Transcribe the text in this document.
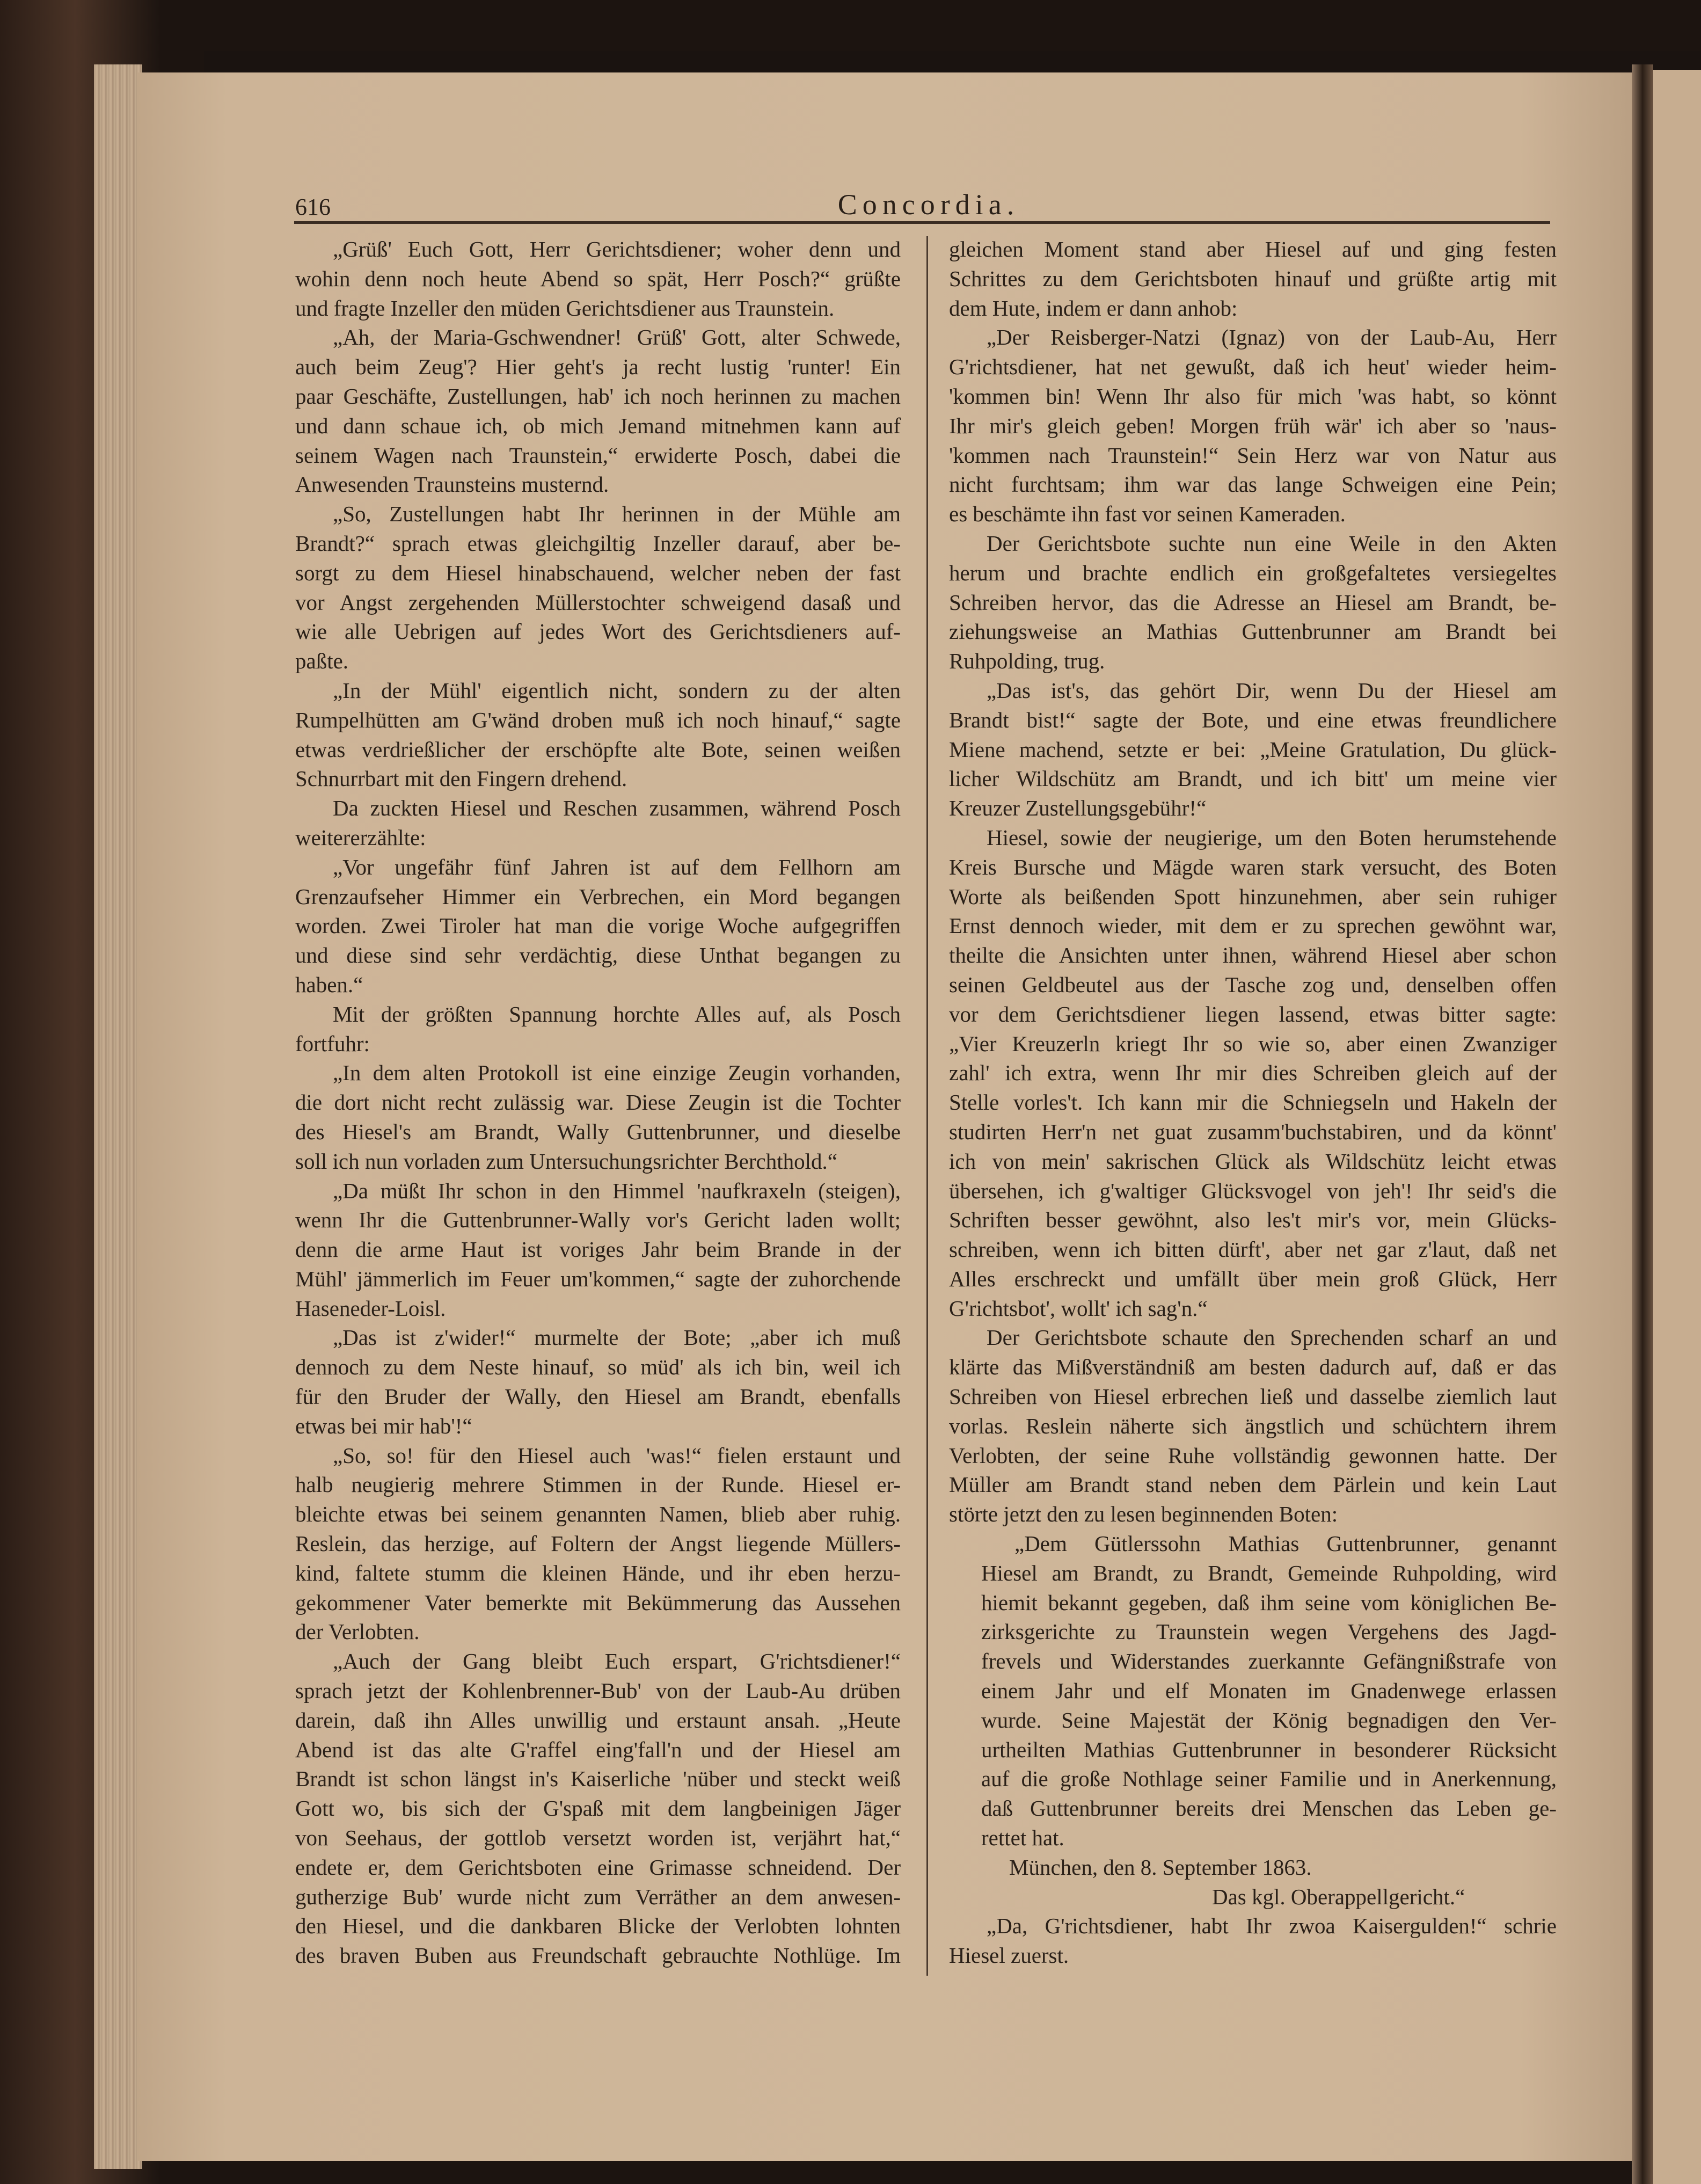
616	Concordia.
„Grüß' Euch Gott, Herr Gerichtsdiener; woher denn und
wohin denn noch heute Abend so spät, Herr Posch?“ grüßte
und fragte Inzeller den müden Gerichtsdiener aus Traunstein.
„Ah, der Maria-Gschwendner! Grüß' Gott, alter Schwede,
auch beim Zeug'? Hier geht's ja recht lustig 'runter! Ein
paar Geschäfte, Zustellungen, hab' ich noch herinnen zu machen
und dann schaue ich, ob mich Jemand mitnehmen kann auf
seinem Wagen nach Traunstein,“ erwiderte Posch, dabei die
Anwesenden Traunsteins musternd.
„So, Zustellungen habt Ihr herinnen in der Mühle am
Brandt?“ sprach etwas gleichgiltig Inzeller darauf, aber be-
sorgt zu dem Hiesel hinabschauend, welcher neben der fast
vor Angst zergehenden Müllerstochter schweigend dasaß und
wie alle Uebrigen auf jedes Wort des Gerichtsdieners auf-
paßte.
„In der Mühl' eigentlich nicht, sondern zu der alten
Rumpelhütten am G'wänd droben muß ich noch hinauf,“ sagte
etwas verdrießlicher der erschöpfte alte Bote, seinen weißen
Schnurrbart mit den Fingern drehend.
Da zuckten Hiesel und Reschen zusammen, während Posch
weitererzählte:
„Vor ungefähr fünf Jahren ist auf dem Fellhorn am
Grenzaufseher Himmer ein Verbrechen, ein Mord begangen
worden. Zwei Tiroler hat man die vorige Woche aufgegriffen
und diese sind sehr verdächtig, diese Unthat begangen zu
haben.“
Mit der größten Spannung horchte Alles auf, als Posch
fortfuhr:
„In dem alten Protokoll ist eine einzige Zeugin vorhanden,
die dort nicht recht zulässig war. Diese Zeugin ist die Tochter
des Hiesel's am Brandt, Wally Guttenbrunner, und dieselbe
soll ich nun vorladen zum Untersuchungsrichter Berchthold.“
„Da müßt Ihr schon in den Himmel 'naufkraxeln (steigen),
wenn Ihr die Guttenbrunner-Wally vor's Gericht laden wollt;
denn die arme Haut ist voriges Jahr beim Brande in der
Mühl' jämmerlich im Feuer um'kommen,“ sagte der zuhorchende
Haseneder-Loisl.
„Das ist z'wider!“ murmelte der Bote; „aber ich muß
dennoch zu dem Neste hinauf, so müd' als ich bin, weil ich
für den Bruder der Wally, den Hiesel am Brandt, ebenfalls
etwas bei mir hab'!“
„So, so! für den Hiesel auch 'was!“ fielen erstaunt und
halb neugierig mehrere Stimmen in der Runde. Hiesel er-
bleichte etwas bei seinem genannten Namen, blieb aber ruhig.
Reslein, das herzige, auf Foltern der Angst liegende Müllers-
kind, faltete stumm die kleinen Hände, und ihr eben herzu-
gekommener Vater bemerkte mit Bekümmerung das Aussehen
der Verlobten.
„Auch der Gang bleibt Euch erspart, G'richtsdiener!“
sprach jetzt der Kohlenbrenner-Bub' von der Laub-Au drüben
darein, daß ihn Alles unwillig und erstaunt ansah. „Heute
Abend ist das alte G'raffel eing'fall'n und der Hiesel am
Brandt ist schon längst in's Kaiserliche 'nüber und steckt weiß
Gott wo, bis sich der G'spaß mit dem langbeinigen Jäger
von Seehaus, der gottlob versetzt worden ist, verjährt hat,“
endete er, dem Gerichtsboten eine Grimasse schneidend. Der
gutherzige Bub' wurde nicht zum Verräther an dem anwesen-
den Hiesel, und die dankbaren Blicke der Verlobten lohnten
des braven Buben aus Freundschaft gebrauchte Nothlüge. Im
gleichen Moment stand aber Hiesel auf und ging festen
Schrittes zu dem Gerichtsboten hinauf und grüßte artig mit
dem Hute, indem er dann anhob:
„Der Reisberger-Natzi (Ignaz) von der Laub-Au, Herr
G'richtsdiener, hat net gewußt, daß ich heut' wieder heim-
'kommen bin! Wenn Ihr also für mich 'was habt, so könnt
Ihr mir's gleich geben! Morgen früh wär' ich aber so 'naus-
'kommen nach Traunstein!“ Sein Herz war von Natur aus
nicht furchtsam; ihm war das lange Schweigen eine Pein;
es beschämte ihn fast vor seinen Kameraden.
Der Gerichtsbote suchte nun eine Weile in den Akten
herum und brachte endlich ein großgefaltetes versiegeltes
Schreiben hervor, das die Adresse an Hiesel am Brandt, be-
ziehungsweise an Mathias Guttenbrunner am Brandt bei
Ruhpolding, trug.
„Das ist's, das gehört Dir, wenn Du der Hiesel am
Brandt bist!“ sagte der Bote, und eine etwas freundlichere
Miene machend, setzte er bei: „Meine Gratulation, Du glück-
licher Wildschütz am Brandt, und ich bitt' um meine vier
Kreuzer Zustellungsgebühr!“
Hiesel, sowie der neugierige, um den Boten herumstehende
Kreis Bursche und Mägde waren stark versucht, des Boten
Worte als beißenden Spott hinzunehmen, aber sein ruhiger
Ernst dennoch wieder, mit dem er zu sprechen gewöhnt war,
theilte die Ansichten unter ihnen, während Hiesel aber schon
seinen Geldbeutel aus der Tasche zog und, denselben offen
vor dem Gerichtsdiener liegen lassend, etwas bitter sagte:
„Vier Kreuzerln kriegt Ihr so wie so, aber einen Zwanziger
zahl' ich extra, wenn Ihr mir dies Schreiben gleich auf der
Stelle vorles't. Ich kann mir die Schniegseln und Hakeln der
studirten Herr'n net guat zusamm'buchstabiren, und da könnt'
ich von mein' sakrischen Glück als Wildschütz leicht etwas
übersehen, ich g'waltiger Glücksvogel von jeh'! Ihr seid's die
Schriften besser gewöhnt, also les't mir's vor, mein Glücks-
schreiben, wenn ich bitten dürft', aber net gar z'laut, daß net
Alles erschreckt und umfällt über mein groß Glück, Herr
G'richtsbot', wollt' ich sag'n.“
Der Gerichtsbote schaute den Sprechenden scharf an und
klärte das Mißverständniß am besten dadurch auf, daß er das
Schreiben von Hiesel erbrechen ließ und dasselbe ziemlich laut
vorlas. Reslein näherte sich ängstlich und schüchtern ihrem
Verlobten, der seine Ruhe vollständig gewonnen hatte. Der
Müller am Brandt stand neben dem Pärlein und kein Laut
störte jetzt den zu lesen beginnenden Boten:
„Dem Gütlerssohn Mathias Guttenbrunner, genannt
Hiesel am Brandt, zu Brandt, Gemeinde Ruhpolding, wird
hiemit bekannt gegeben, daß ihm seine vom königlichen Be-
zirksgerichte zu Traunstein wegen Vergehens des Jagd-
frevels und Widerstandes zuerkannte Gefängnißstrafe von
einem Jahr und elf Monaten im Gnadenwege erlassen
wurde. Seine Majestät der König begnadigen den Ver-
urtheilten Mathias Guttenbrunner in besonderer Rücksicht
auf die große Nothlage seiner Familie und in Anerkennung,
daß Guttenbrunner bereits drei Menschen das Leben ge-
rettet hat.
München, den 8. September 1863.
Das kgl. Oberappellgericht.“
„Da, G'richtsdiener, habt Ihr zwoa Kaisergulden!“ schrie
Hiesel zuerst.
